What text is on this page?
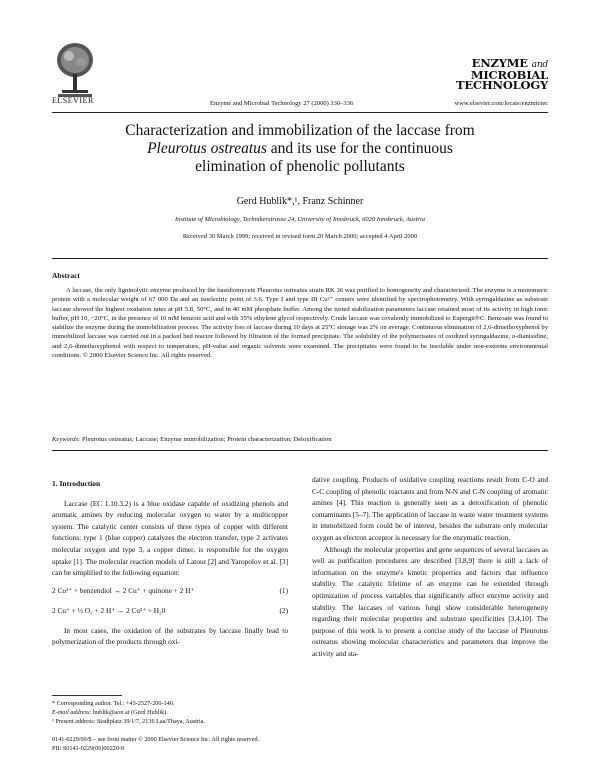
ELSEVIER	Enzyme and Microbial Technology 27 (2000) 330–336	www.elsevier.com/locate/enzmictec
ENZYME and
MICROBIAL
TECHNOLOGY
Characterization and immobilization of the laccase from
Pleurotus ostreatus and its use for the continuous
elimination of phenolic pollutants
Gerd Hublik*,¹, Franz Schinner
Institute of Microbiology, Technikerstrasse 24, University of Innsbruck, 6020 Innsbruck, Austria
Received 30 March 1999; received in revised form 20 March 2000; accepted 4 April 2000
Abstract
A laccase, the only ligninolytic enzyme produced by the basidiomycete Pleurotus ostreatus strain RK 36 was purified to homogeneity and characterized. The enzyme is a monomeric protein with a molecular weight of 67 000 Da and an isoelectric point of 3.6. Type I and type III Cu²⁺ centers were identified by spectrophotometry. With syringaldazine as substrate laccase showed the highest oxidation rates at pH 5.8, 50°C, and in 40 mM phosphate buffer. Among the tested stabilization parameters laccase retained most of its activity in high ionic buffer, pH 10, −20°C, in the presence of 10 mM benzoic acid and with 35% ethylene glycol respectively. Crude laccase was covalently immobilized to Eupergit®C. Benzoate was found to stabilize the enzyme during the immobilization process. The activity loss of laccase during 10 days at 25°C storage was 2% on average. Continuous elimination of 2,6-dimethoxyphenol by immobilized laccase was carried out in a packed bed reactor followed by filtration of the formed precipitate. The solubility of the polymerisates of oxidized syringaldazine, o-dianisidine, and 2,6-dimethoxyphenol with respect to temperature, pH-value and organic solvents were examined. The precipitates were found to be insoluble under non-extreme environmental conditions. © 2000 Elsevier Science Inc. All rights reserved.
Keywords: Pleurotus ostreatus; Laccase; Enzyme immobilization; Protein characterization; Detoxification
1. Introduction

Laccase (EC 1.10.3.2) is a blue oxidase capable of oxidizing phenols and aromatic amines by reducing molecular oxygen to water by a multicopper system. The catalytic center consists of three types of copper with different functions: type 1 (blue copper) catalyzes the electron transfer, type 2 activates molecular oxygen and type 3, a copper dimer, is responsible for the oxygen uptake [1]. The molecular reaction models of Latour [2] and Yaropolov et al. [3] can be simplified to the following equation:

2 Cu²⁺ + benzendiol → 2 Cu⁺ + quinone + 2 H⁺	(1)
2 Cu⁺ + ½ O₂ + 2 H⁺ → 2 Cu²⁺ + H₂0	(2)

In most cases, the oxidation of the substrates by laccase finally lead to polymerization of the products through oxi-

dative coupling. Products of oxidative coupling reactions result from C-O and C-C coupling of phenolic reactants and from N-N and C-N coupling of aromatic amines [4]. This reaction is generally seen as a detoxification of phenolic contaminants [5–7]. The application of laccase in waste water treatment systems in immobilized form could be of interest, besides the substrate only molecular oxygen as electron acceptor is necessary for the enzymatic reaction.

Although the molecular properties and gene sequences of several laccases as well as purification procedures are described [3,8,9] there is still a lack of information on the enzyme's kinetic properties and factors that influence stability. The catalytic lifetime of an enzyme can be extended through optimization of process variables that significantly affect enzyme activity and stability. The laccases of various fungi show considerable heterogeneity regarding their molecular properties and substrate specificities [3,4,10]. The purpose of this work is to present a concise study of the laccase of Pleurotus ostreatus showing molecular characteristics and parameters that improve the activity and sta-

* Corresponding author. Tel.: +43-2527-200-140.
E-mail address: hublik@aon.at (Gerd Hublik).
¹ Present address: Stadtplatz 39/1/7, 2136 Laa/Thaya, Austria.
0141-0229/00/$ – see front matter © 2000 Elsevier Science Inc. All rights reserved.
PII: S0141-0229(00)00220-9
